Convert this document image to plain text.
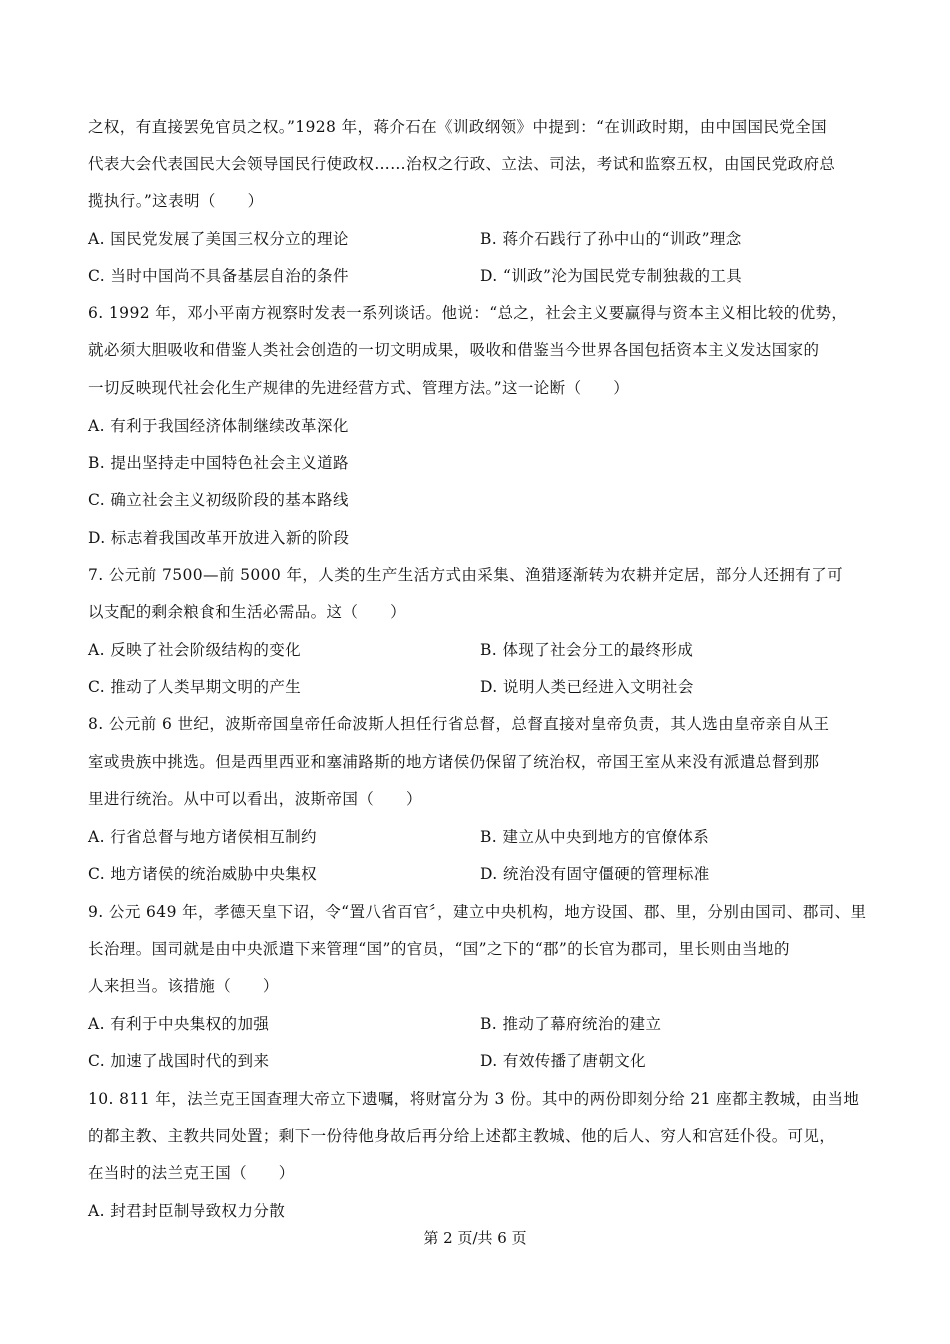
之权，有直接罢免官员之权。”1928 年，蒋介石在《训政纲领》中提到：“在训政时期，由中国国民党全国
代表大会代表国民大会领导国民行使政权……治权之行政、立法、司法，考试和监察五权，由国民党政府总
揽执行。”这表明（　　）
A. 国民党发展了美国三权分立的理论	B. 蒋介石践行了孙中山的“训政”理念
C. 当时中国尚不具备基层自治的条件	D. “训政”沦为国民党专制独裁的工具
6. 1992 年，邓小平南方视察时发表一系列谈话。他说：“总之，社会主义要赢得与资本主义相比较的优势，
就必须大胆吸收和借鉴人类社会创造的一切文明成果，吸收和借鉴当今世界各国包括资本主义发达国家的
一切反映现代社会化生产规律的先进经营方式、管理方法。”这一论断（　　）
A. 有利于我国经济体制继续改革深化
B. 提出坚持走中国特色社会主义道路
C. 确立社会主义初级阶段的基本路线
D. 标志着我国改革开放进入新的阶段
7. 公元前 7500—前 5000 年，人类的生产生活方式由采集、渔猎逐渐转为农耕并定居，部分人还拥有了可
以支配的剩余粮食和生活必需品。这（　　）
A. 反映了社会阶级结构的变化	B. 体现了社会分工的最终形成
C. 推动了人类早期文明的产生	D. 说明人类已经进入文明社会
8. 公元前 6 世纪，波斯帝国皇帝任命波斯人担任行省总督，总督直接对皇帝负责，其人选由皇帝亲自从王
室或贵族中挑选。但是西里西亚和塞浦路斯的地方诸侯仍保留了统治权，帝国王室从来没有派遣总督到那
里进行统治。从中可以看出，波斯帝国（　　）
A. 行省总督与地方诸侯相互制约	B. 建立从中央到地方的官僚体系
C. 地方诸侯的统治威胁中央集权	D. 统治没有固守僵硬的管理标准
9. 公元 649 年，孝德天皇下诏，令“置八省百官〞，建立中央机构，地方设国、郡、里，分别由国司、郡司、里
长治理。国司就是由中央派遣下来管理“国”的官员，“国”之下的“郡”的长官为郡司，里长则由当地的
人来担当。该措施（　　）
A. 有利于中央集权的加强	B. 推动了幕府统治的建立
C. 加速了战国时代的到来	D. 有效传播了唐朝文化
10. 811 年，法兰克王国查理大帝立下遗嘱，将财富分为 3 份。其中的两份即刻分给 21 座都主教城，由当地
的都主教、主教共同处置；剩下一份待他身故后再分给上述都主教城、他的后人、穷人和宫廷仆役。可见，
在当时的法兰克王国（　　）
A. 封君封臣制导致权力分散
第 2 页/共 6 页
